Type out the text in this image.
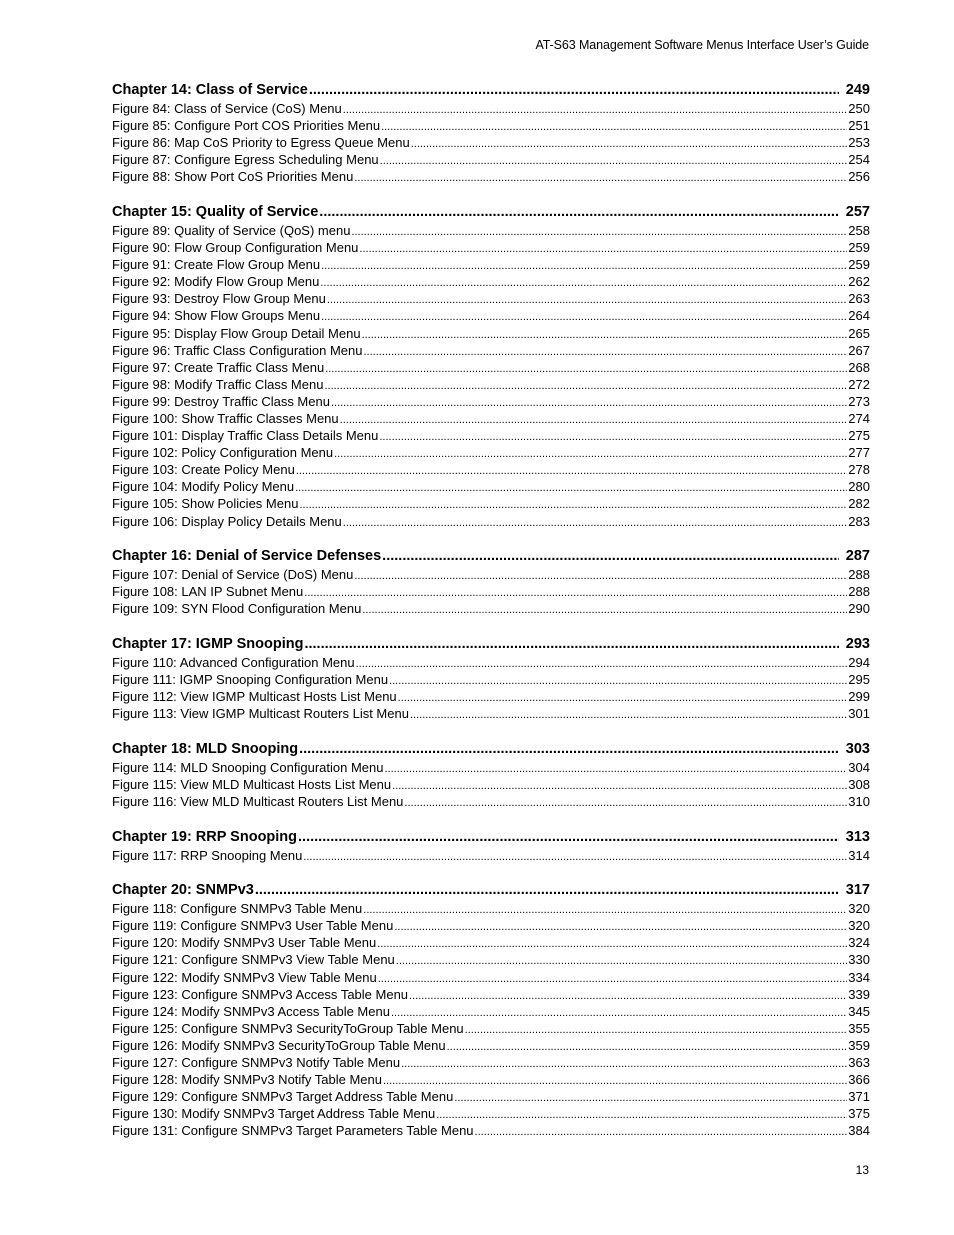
AT-S63 Management Software Menus Interface User’s Guide
Chapter 14: Class of Service .....	249
Figure 84: Class of Service (CoS) Menu .....	250
Figure 85: Configure Port COS Priorities Menu .....	251
Figure 86: Map CoS Priority to Egress Queue Menu .....	253
Figure 87: Configure Egress Scheduling Menu .....	254
Figure 88: Show Port CoS Priorities Menu .....	256
Chapter 15: Quality of Service .....	257
Figure 89: Quality of Service (QoS) menu .....	258
Figure 90: Flow Group Configuration Menu .....	259
Figure 91: Create Flow Group Menu .....	259
Figure 92: Modify Flow Group Menu .....	262
Figure 93: Destroy Flow Group Menu .....	263
Figure 94: Show Flow Groups Menu .....	264
Figure 95: Display Flow Group Detail Menu .....	265
Figure 96: Traffic Class Configuration Menu .....	267
Figure 97: Create Traffic Class Menu .....	268
Figure 98: Modify Traffic Class Menu .....	272
Figure 99: Destroy Traffic Class Menu .....	273
Figure 100: Show Traffic Classes Menu .....	274
Figure 101: Display Traffic Class Details Menu .....	275
Figure 102: Policy Configuration Menu .....	277
Figure 103: Create Policy Menu .....	278
Figure 104: Modify Policy Menu .....	280
Figure 105: Show Policies Menu .....	282
Figure 106: Display Policy Details Menu .....	283
Chapter 16: Denial of Service Defenses .....	287
Figure 107: Denial of Service (DoS) Menu .....	288
Figure 108: LAN IP Subnet Menu .....	288
Figure 109: SYN Flood Configuration Menu .....	290
Chapter 17: IGMP Snooping .....	293
Figure 110: Advanced Configuration Menu .....	294
Figure 111: IGMP Snooping Configuration Menu .....	295
Figure 112: View IGMP Multicast Hosts List Menu .....	299
Figure 113: View IGMP Multicast Routers List Menu .....	301
Chapter 18: MLD Snooping .....	303
Figure 114: MLD Snooping Configuration Menu .....	304
Figure 115: View MLD Multicast Hosts List Menu .....	308
Figure 116: View MLD Multicast Routers List Menu .....	310
Chapter 19: RRP Snooping .....	313
Figure 117: RRP Snooping Menu .....	314
Chapter 20: SNMPv3 .....	317
Figure 118: Configure SNMPv3 Table Menu .....	320
Figure 119: Configure SNMPv3 User Table Menu .....	320
Figure 120: Modify SNMPv3 User Table Menu .....	324
Figure 121: Configure SNMPv3 View Table Menu .....	330
Figure 122: Modify SNMPv3 View Table Menu .....	334
Figure 123: Configure SNMPv3 Access Table Menu .....	339
Figure 124: Modify SNMPv3 Access Table Menu .....	345
Figure 125: Configure SNMPv3 SecurityToGroup Table Menu .....	355
Figure 126: Modify SNMPv3 SecurityToGroup Table Menu .....	359
Figure 127: Configure SNMPv3 Notify Table Menu .....	363
Figure 128: Modify SNMPv3 Notify Table Menu .....	366
Figure 129: Configure SNMPv3 Target Address Table Menu .....	371
Figure 130: Modify SNMPv3 Target Address Table Menu .....	375
Figure 131: Configure SNMPv3 Target Parameters Table Menu .....	384
13
